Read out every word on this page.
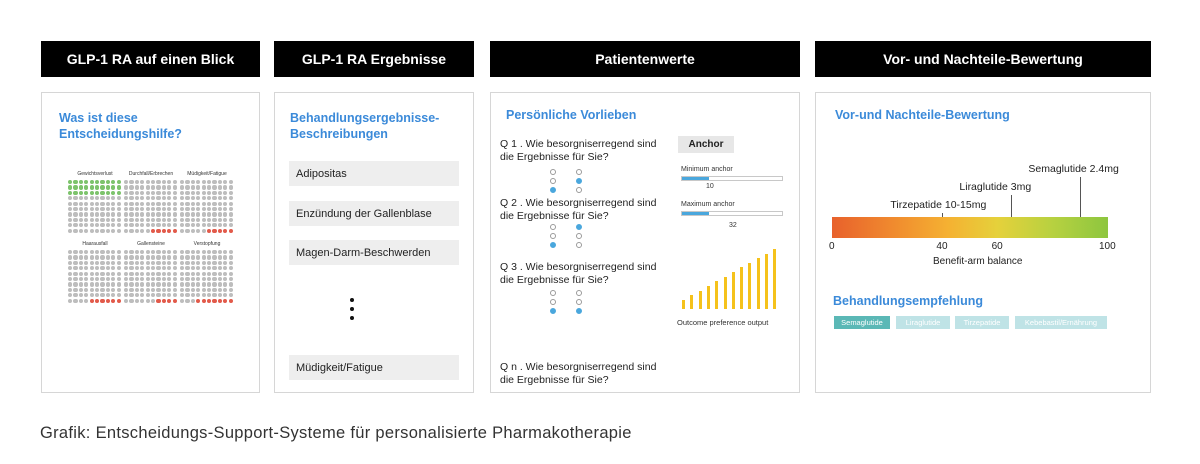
GLP-1 RA auf einen Blick	GLP-1 RA Ergebnisse	Patientenwerte	Vor- und Nachteile-Bewertung
Was ist diese Entscheidungshilfe?
Gewichtsverlust	Durchfall/Erbrechen	Müdigkeit/Fatigue
Haarausfall	Gallensteine	Verstopfung
Behandlungsergebnisse-Beschreibungen
Adipositas
Enzündung der Gallenblase
Magen-Darm-Beschwerden
Müdigkeit/Fatigue
Persönliche Vorlieben
Q 1 . Wie besorgniserregend sind die Ergebnisse für Sie?
Q 2 . Wie besorgniserregend sind die Ergebnisse für Sie?
Q 3 . Wie besorgniserregend sind die Ergebnisse für Sie?
Q n . Wie besorgniserregend sind die Ergebnisse für Sie?
Anchor
Minimum anchor
10
Maximum anchor
32
Outcome preference output
Vor-und Nachteile-Bewertung
Tirzepatide 10-15mg
Liraglutide 3mg
Semaglutide 2.4mg
0	40	60	100
Benefit-arm balance
Behandlungsempfehlung
Semaglutide	Liraglutide	Tirzepatide	Kebebastil/Ernährung
Grafik: Entscheidungs-Support-Systeme für personalisierte Pharmakotherapie
